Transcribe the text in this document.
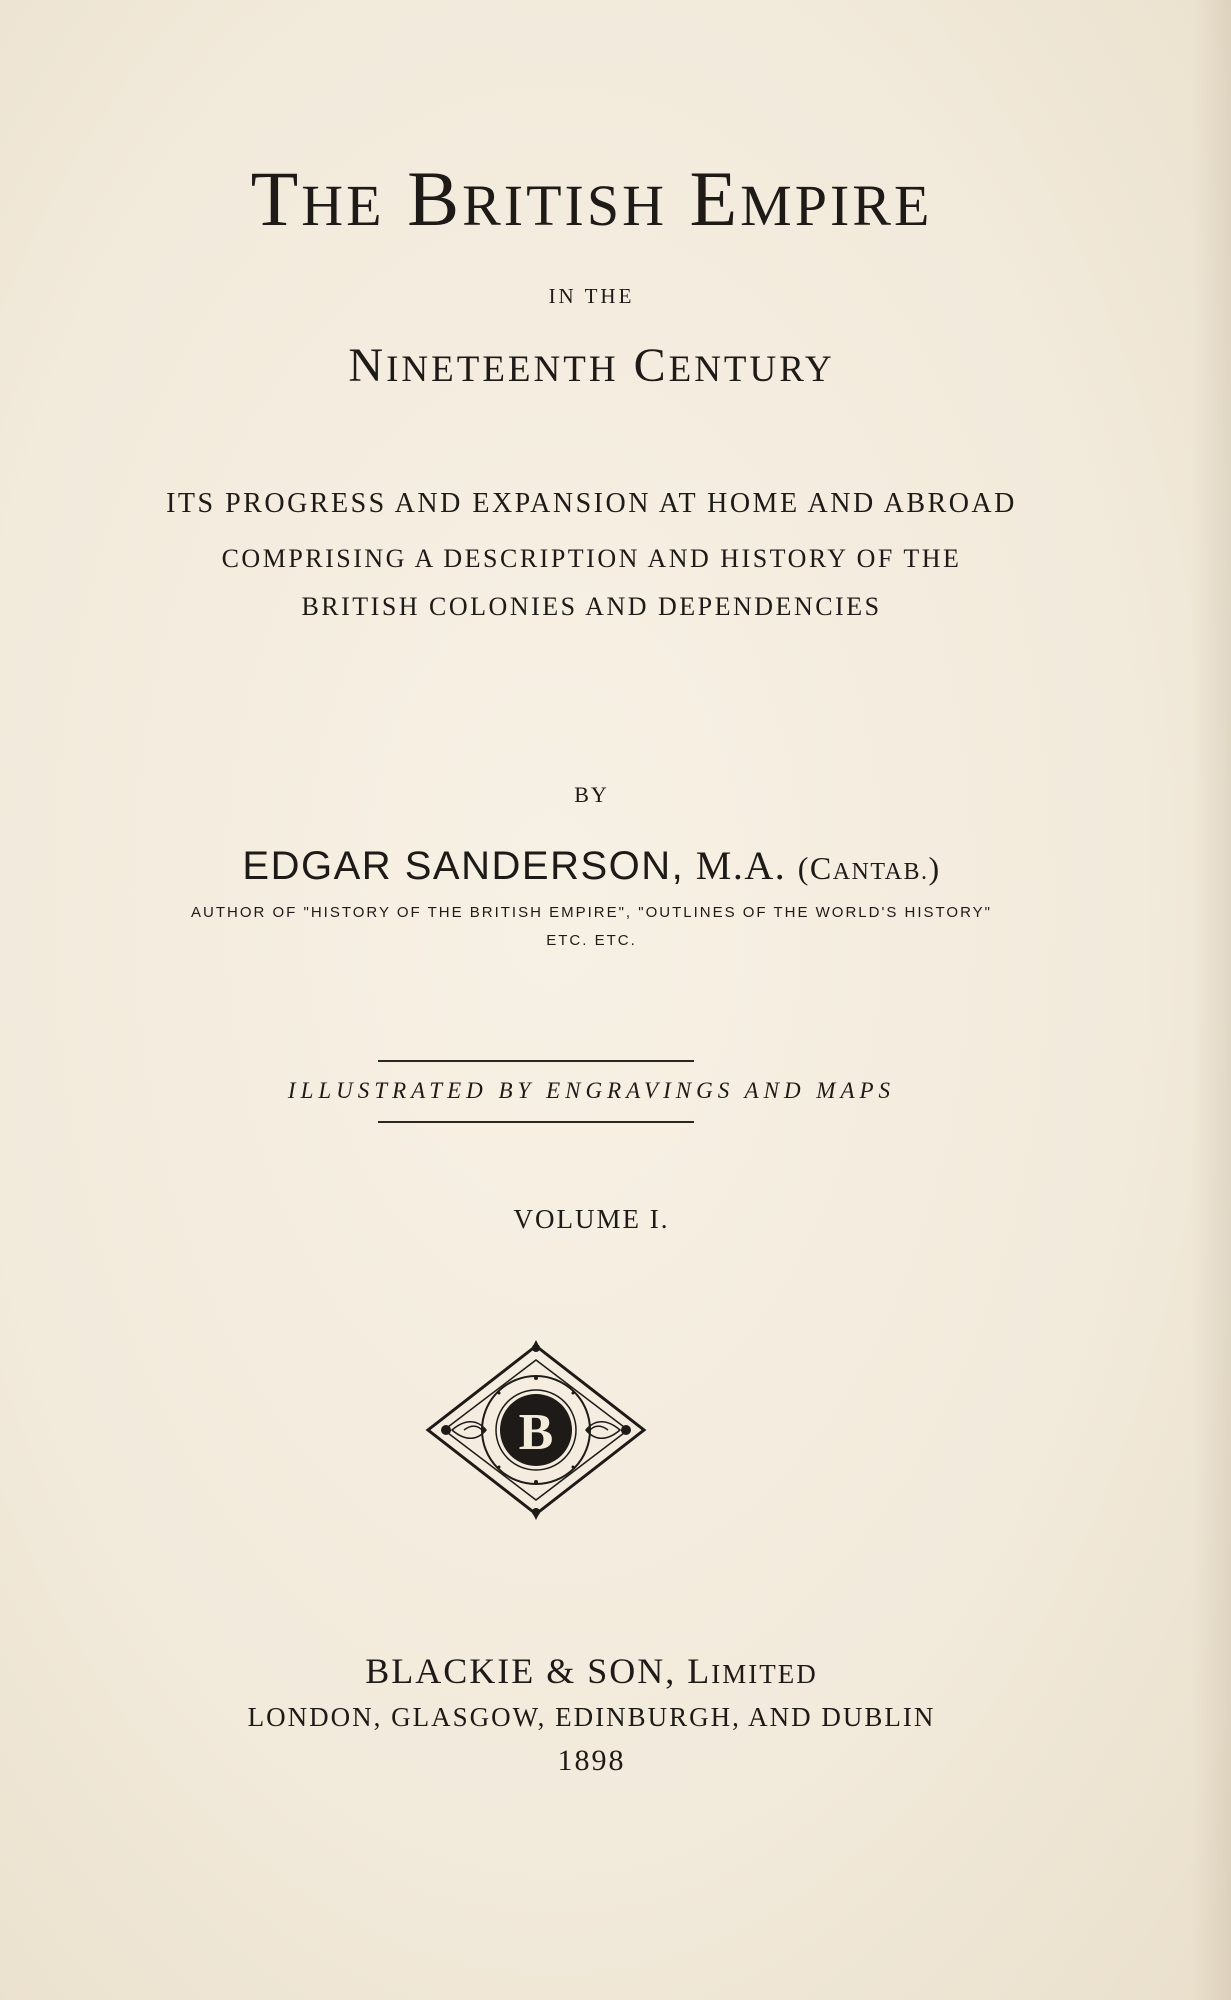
THE BRITISH EMPIRE
IN THE
NINETEENTH CENTURY
ITS PROGRESS AND EXPANSION AT HOME AND ABROAD
COMPRISING A DESCRIPTION AND HISTORY OF THE
BRITISH COLONIES AND DEPENDENCIES
BY
EDGAR SANDERSON, M.A. (CANTAB.)
AUTHOR OF "HISTORY OF THE BRITISH EMPIRE", "OUTLINES OF THE WORLD'S HISTORY"
ETC. ETC.
ILLUSTRATED BY ENGRAVINGS AND MAPS
VOLUME I.
B
BLACKIE & SON, LIMITED
LONDON, GLASGOW, EDINBURGH, AND DUBLIN
1898
